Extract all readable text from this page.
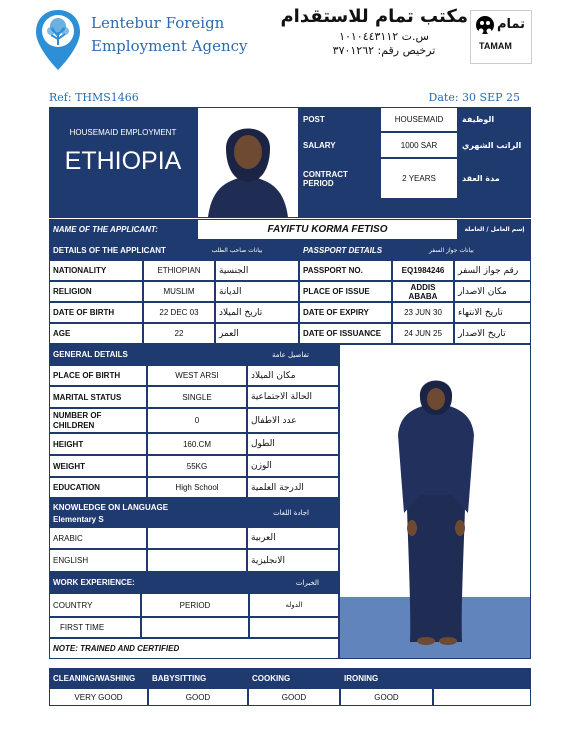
Lentebur Foreign
Employment Agency
مكتب تمام للاستقدام
س.ت ١٠١٠٤٤٣١١٢
ترخيص رقم: ٣٧٠١٢٦٢
تمام
TAMAM
Ref: THMS1466	Date: 30 SEP 25
HOUSEMAID EMPLOYMENT
ETHIOPIA
POST	HOUSEMAID	الوظيفة
SALARY	1000 SAR	الراتب الشهري
CONTRACT PERIOD	2 YEARS	مدة العقد
NAME OF THE APPLICANT:	FAYIFTU KORMA FETISO	إسم العامل / العاملة
DETAILS OF THE APPLICANT	بيانات صاحب الطلب	PASSPORT DETAILS	بيانات جواز السفر
NATIONALITY	ETHIOPIAN	الجنسية
RELIGION	MUSLIM	الديانة
DATE OF BIRTH	22 DEC 03	تاريخ الميلاد
AGE	22	العمر
PASSPORT NO.	EQ1984246	رقم جواز السفر
PLACE OF ISSUE	ADDIS ABABA	مكان الاصدار
DATE OF EXPIRY	23 JUN 30	تاريخ الانتهاء
DATE OF ISSUANCE	24 JUN 25	تاريخ الاصدار
GENERAL DETAILS	تفاصيل عامة
PLACE OF BIRTH	WEST ARSI	مكان الميلاد
MARITAL STATUS	SINGLE	الحالة الاجتماعية
NUMBER OF CHILDREN	0	عدد الاطفال
HEIGHT	160.CM	الطول
WEIGHT	55KG	الوزن
EDUCATION	High School	الدرجة العلمية
KNOWLEDGE ON LANGUAGE
Elementary S
اجادة اللغات
ARABIC	العربية
ENGLISH	الانجليزية
WORK EXPERIENCE:	الخبرات
COUNTRY	PERIOD	الدوله
FIRST TIME
NOTE: TRAINED AND CERTIFIED
CLEANING/WASHING	BABYSITTING	COOKING	IRONING
VERY GOOD	GOOD	GOOD	GOOD
